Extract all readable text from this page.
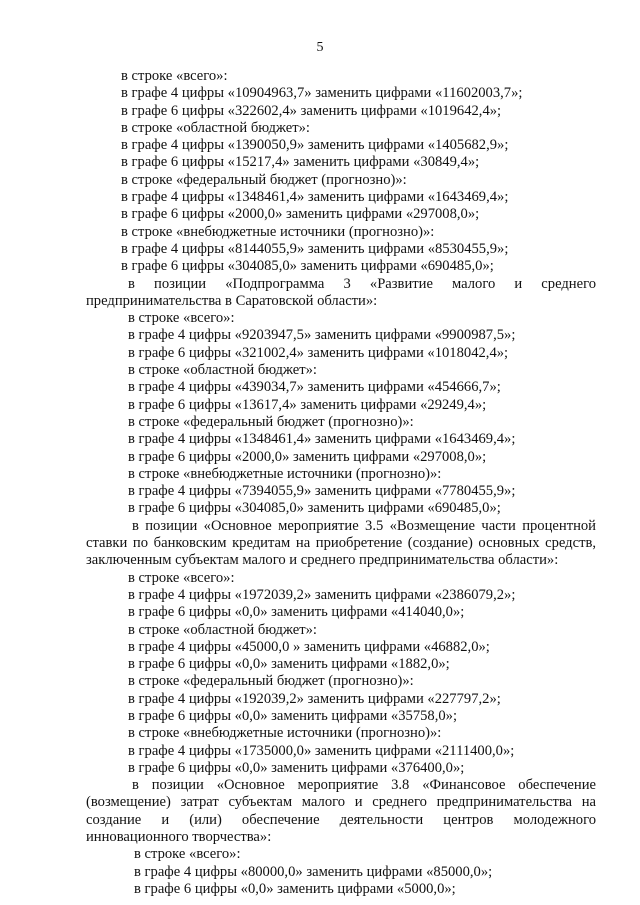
5
в строке «всего»:
в графе 4 цифры «10904963,7» заменить цифрами «11602003,7»;
в графе 6 цифры «322602,4» заменить цифрами «1019642,4»;
в строке «областной бюджет»:
в графе 4 цифры «1390050,9» заменить цифрами «1405682,9»;
в графе 6 цифры «15217,4» заменить цифрами «30849,4»;
в строке «федеральный бюджет (прогнозно)»:
в графе 4 цифры «1348461,4» заменить цифрами «1643469,4»;
в графе 6 цифры «2000,0» заменить цифрами «297008,0»;
в строке «внебюджетные источники (прогнозно)»:
в графе 4 цифры «8144055,9» заменить цифрами «8530455,9»;
в графе 6 цифры «304085,0» заменить цифрами «690485,0»;
в позиции «Подпрограмма 3 «Развитие малого и среднего предпринимательства в Саратовской области»:
в строке «всего»:
в графе 4 цифры «9203947,5» заменить цифрами «9900987,5»;
в графе 6 цифры «321002,4» заменить цифрами «1018042,4»;
в строке «областной бюджет»:
в графе 4 цифры «439034,7» заменить цифрами «454666,7»;
в графе 6 цифры «13617,4» заменить цифрами «29249,4»;
в строке «федеральный бюджет (прогнозно)»:
в графе 4 цифры «1348461,4» заменить цифрами «1643469,4»;
в графе 6 цифры «2000,0» заменить цифрами «297008,0»;
в строке «внебюджетные источники (прогнозно)»:
в графе 4 цифры «7394055,9» заменить цифрами «7780455,9»;
в графе 6 цифры «304085,0» заменить цифрами «690485,0»;
в позиции «Основное мероприятие 3.5 «Возмещение части процентной ставки по банковским кредитам на приобретение (создание) основных средств, заключенным субъектам малого и среднего предпринимательства области»:
в строке «всего»:
в графе 4 цифры «1972039,2» заменить цифрами «2386079,2»;
в графе 6 цифры «0,0» заменить цифрами «414040,0»;
в строке «областной бюджет»:
в графе 4 цифры «45000,0 » заменить цифрами «46882,0»;
в графе 6 цифры «0,0» заменить цифрами «1882,0»;
в строке «федеральный бюджет (прогнозно)»:
в графе 4 цифры «192039,2» заменить цифрами «227797,2»;
в графе 6 цифры «0,0» заменить цифрами «35758,0»;
в строке «внебюджетные источники (прогнозно)»:
в графе 4 цифры «1735000,0» заменить цифрами «2111400,0»;
в графе 6 цифры «0,0» заменить цифрами «376400,0»;
в позиции «Основное мероприятие 3.8 «Финансовое обеспечение (возмещение) затрат субъектам малого и среднего предпринимательства на создание и (или) обеспечение деятельности центров молодежного инновационного творчества»:
в строке «всего»:
в графе 4 цифры «80000,0» заменить цифрами «85000,0»;
в графе 6 цифры «0,0» заменить цифрами «5000,0»;
